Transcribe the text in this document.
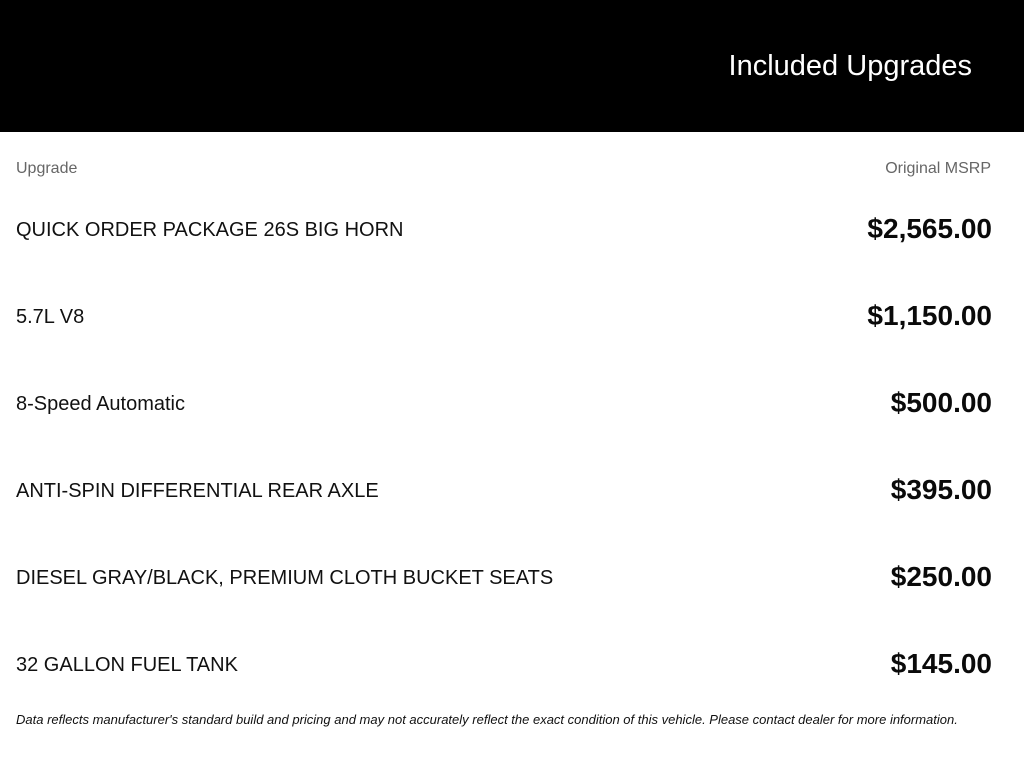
Included Upgrades
Upgrade	Original MSRP
QUICK ORDER PACKAGE 26S BIG HORN	$2,565.00
5.7L V8	$1,150.00
8-Speed Automatic	$500.00
ANTI-SPIN DIFFERENTIAL REAR AXLE	$395.00
DIESEL GRAY/BLACK, PREMIUM CLOTH BUCKET SEATS	$250.00
32 GALLON FUEL TANK	$145.00
Data reflects manufacturer's standard build and pricing and may not accurately reflect the exact condition of this vehicle. Please contact dealer for more information.
